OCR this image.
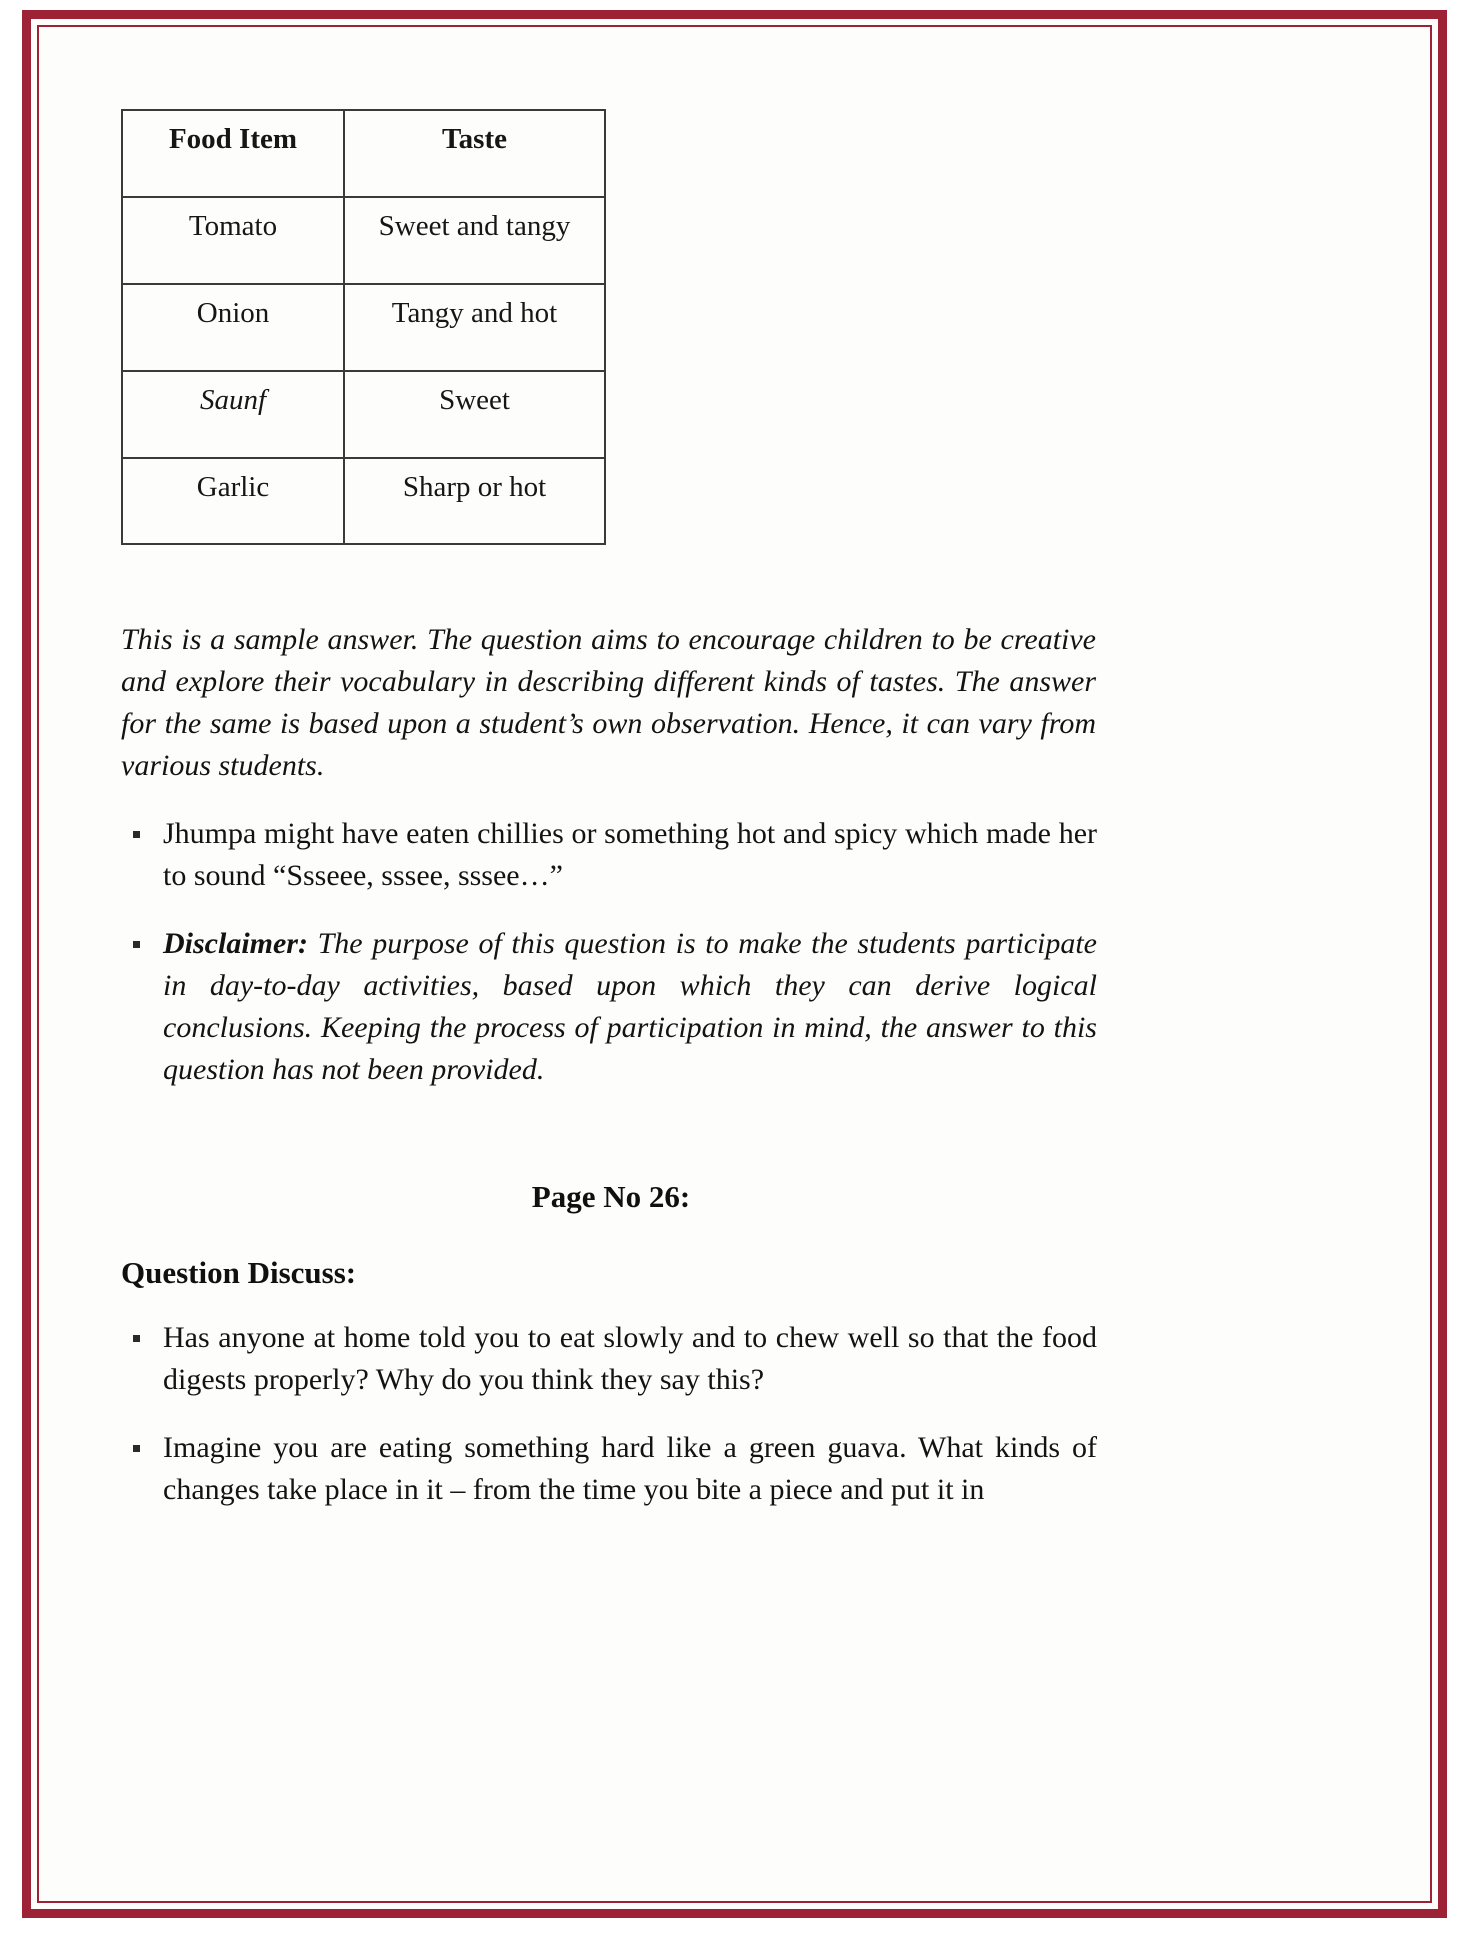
Food Item	Taste
Tomato	Sweet and tangy
Onion	Tangy and hot
Saunf	Sweet
Garlic	Sharp or hot

This is a sample answer. The question aims to encourage children to be creative and explore their vocabulary in describing different kinds of tastes. The answer for the same is based upon a student’s own observation. Hence, it can vary from various students.

Jhumpa might have eaten chillies or something hot and spicy which made her to sound “Ssseee, sssee, sssee…”
Disclaimer: The purpose of this question is to make the students participate in day-to-day activities, based upon which they can derive logical conclusions. Keeping the process of participation in mind, the answer to this question has not been provided.
Page No 26:
Question Discuss:
Has anyone at home told you to eat slowly and to chew well so that the food digests properly? Why do you think they say this?
Imagine you are eating something hard like a green guava. What kinds of changes take place in it – from the time you bite a piece and put it in
